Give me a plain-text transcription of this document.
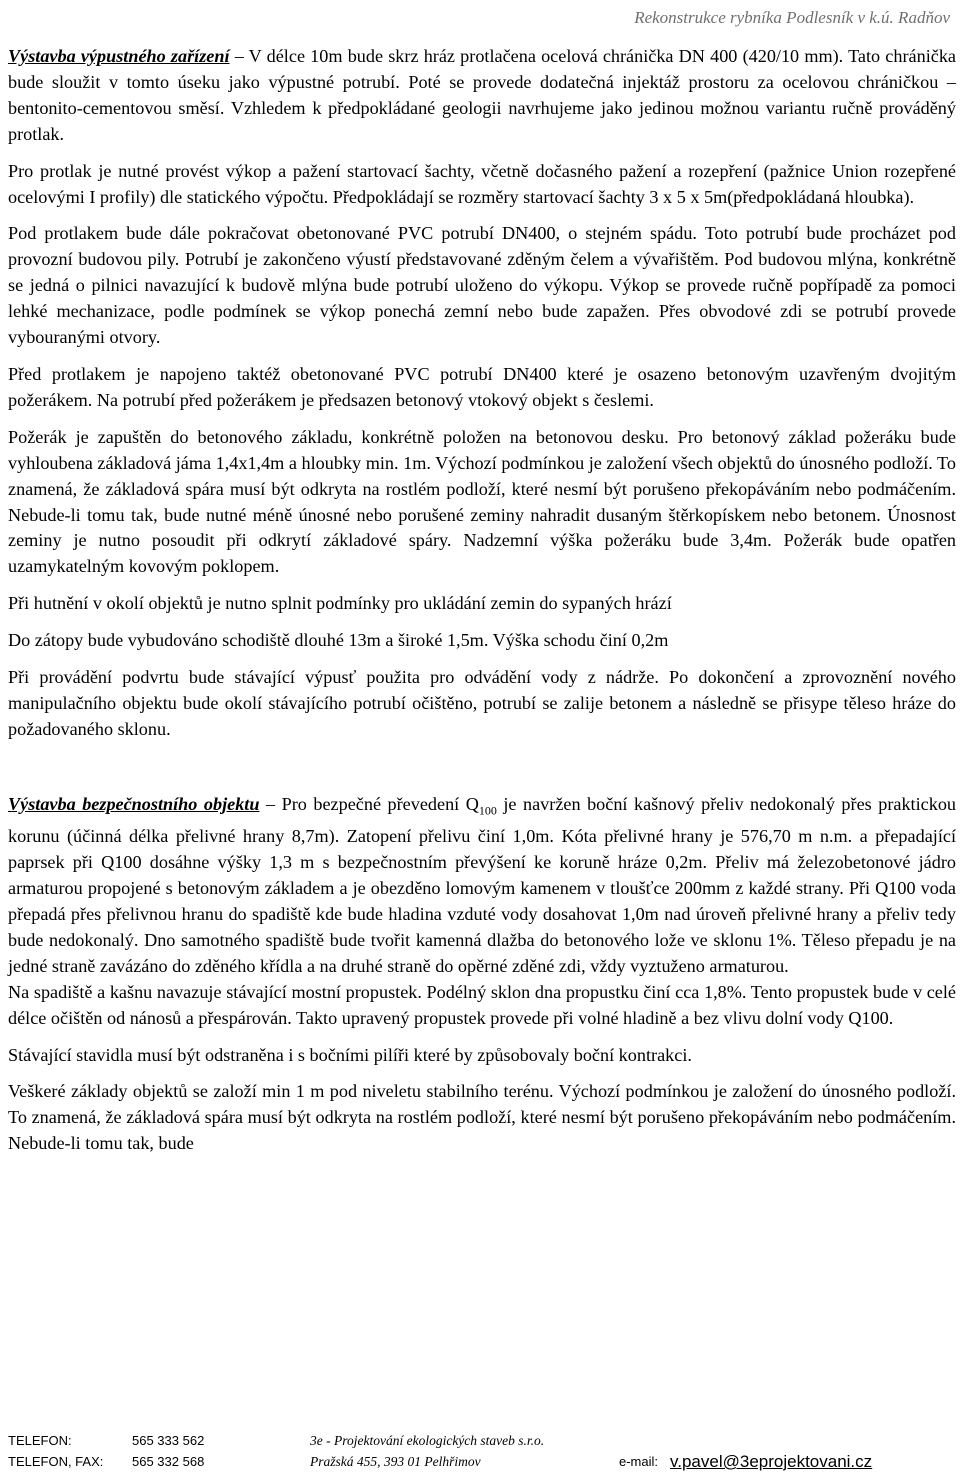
Rekonstrukce rybníka Podlesník v k.ú. Radňov

Výstavba výpustného zařízení – V délce 10m bude skrz hráz protlačena ocelová chránička DN 400 (420/10 mm). Tato chránička bude sloužit v tomto úseku jako výpustné potrubí. Poté se provede dodatečná injektáž prostoru za ocelovou chráničkou – bentonito-cementovou směsí. Vzhledem k předpokládané geologii navrhujeme jako jedinou možnou variantu ručně prováděný protlak.

Pro protlak je nutné provést výkop a pažení startovací šachty, včetně dočasného pažení a rozepření (pažnice Union rozepřené ocelovými I profily) dle statického výpočtu. Předpokládají se rozměry startovací šachty 3 x 5 x 5m(předpokládaná hloubka).

Pod protlakem bude dále pokračovat obetonované PVC potrubí DN400, o stejném spádu. Toto potrubí bude procházet pod provozní budovou pily. Potrubí je zakončeno výustí představované zděným čelem a vývařištěm. Pod budovou mlýna, konkrétně se jedná o pilnici navazující k budově mlýna bude potrubí uloženo do výkopu. Výkop se provede ručně popřípadě za pomoci lehké mechanizace, podle podmínek se výkop ponechá zemní nebo bude zapažen. Přes obvodové zdi se potrubí provede vybouranými otvory.

Před protlakem je napojeno taktéž obetonované PVC potrubí DN400 které je osazeno betonovým uzavřeným dvojitým požerákem. Na potrubí před požerákem je předsazen betonový vtokový objekt s česlemi.

Požerák je zapuštěn do betonového základu, konkrétně položen na betonovou desku. Pro betonový základ požeráku bude vyhloubena základová jáma 1,4x1,4m a hloubky min. 1m. Výchozí podmínkou je založení všech objektů do únosného podloží. To znamená, že základová spára musí být odkryta na rostlém podloží, které nesmí být porušeno překopáváním nebo podmáčením. Nebude-li tomu tak, bude nutné méně únosné nebo porušené zeminy nahradit dusaným štěrkopískem nebo betonem. Únosnost zeminy je nutno posoudit při odkrytí základové spáry. Nadzemní výška požeráku bude 3,4m. Požerák bude opatřen uzamykatelným kovovým poklopem.

Při hutnění v okolí objektů je nutno splnit podmínky pro ukládání zemin do sypaných hrází

Do zátopy bude vybudováno schodiště dlouhé 13m a široké 1,5m. Výška schodu činí 0,2m

Při provádění podvrtu bude stávající výpusť použita pro odvádění vody z nádrže. Po dokončení a zprovoznění nového manipulačního objektu bude okolí stávajícího potrubí očištěno, potrubí se zalije betonem a následně se přisype těleso hráze do požadovaného sklonu.

Výstavba bezpečnostního objektu – Pro bezpečné převedení $Q_{100}$ je navržen boční kašnový přeliv nedokonalý přes praktickou korunu (účinná délka přelivné hrany 8,7m). Zatopení přelivu činí 1,0m. Kóta přelivné hrany je 576,70 m n.m. a přepadající paprsek při Q100 dosáhne výšky 1,3 m s bezpečnostním převýšení ke koruně hráze 0,2m. Přeliv má železobetonové jádro armaturou propojené s betonovým základem a je obezděno lomovým kamenem v tloušťce 200mm z každé strany. Při Q100 voda přepadá přes přelivnou hranu do spadiště kde bude hladina vzduté vody dosahovat 1,0m nad úroveň přelivné hrany a přeliv tedy bude nedokonalý. Dno samotného spadiště bude tvořit kamenná dlažba do betonového lože ve sklonu 1%. Těleso přepadu je na jedné straně zavázáno do zděného křídla a na druhé straně do opěrné zděné zdi, vždy vyztuženo armaturou.

Na spadiště a kašnu navazuje stávající mostní propustek. Podélný sklon dna propustku činí cca 1,8%. Tento propustek bude v celé délce očištěn od nánosů a přespárován. Takto upravený propustek provede při volné hladině a bez vlivu dolní vody Q100.

Stávající stavidla musí být odstraněna i s bočními pilíři které by způsobovaly boční kontrakci.

Veškeré základy objektů se založí min 1 m pod niveletu stabilního terénu. Výchozí podmínkou je založení do únosného podloží. To znamená, že základová spára musí být odkryta na rostlém podloží, které nesmí být porušeno překopáváním nebo podmáčením. Nebude-li tomu tak, bude

TELEFON:	565 333 562	3e - Projektování ekologických staveb s.r.o.
TELEFON, FAX: 565 332 568	Pražská 455, 393 01 Pelhřimov	e-mail: v.pavel@3eprojektovani.cz
